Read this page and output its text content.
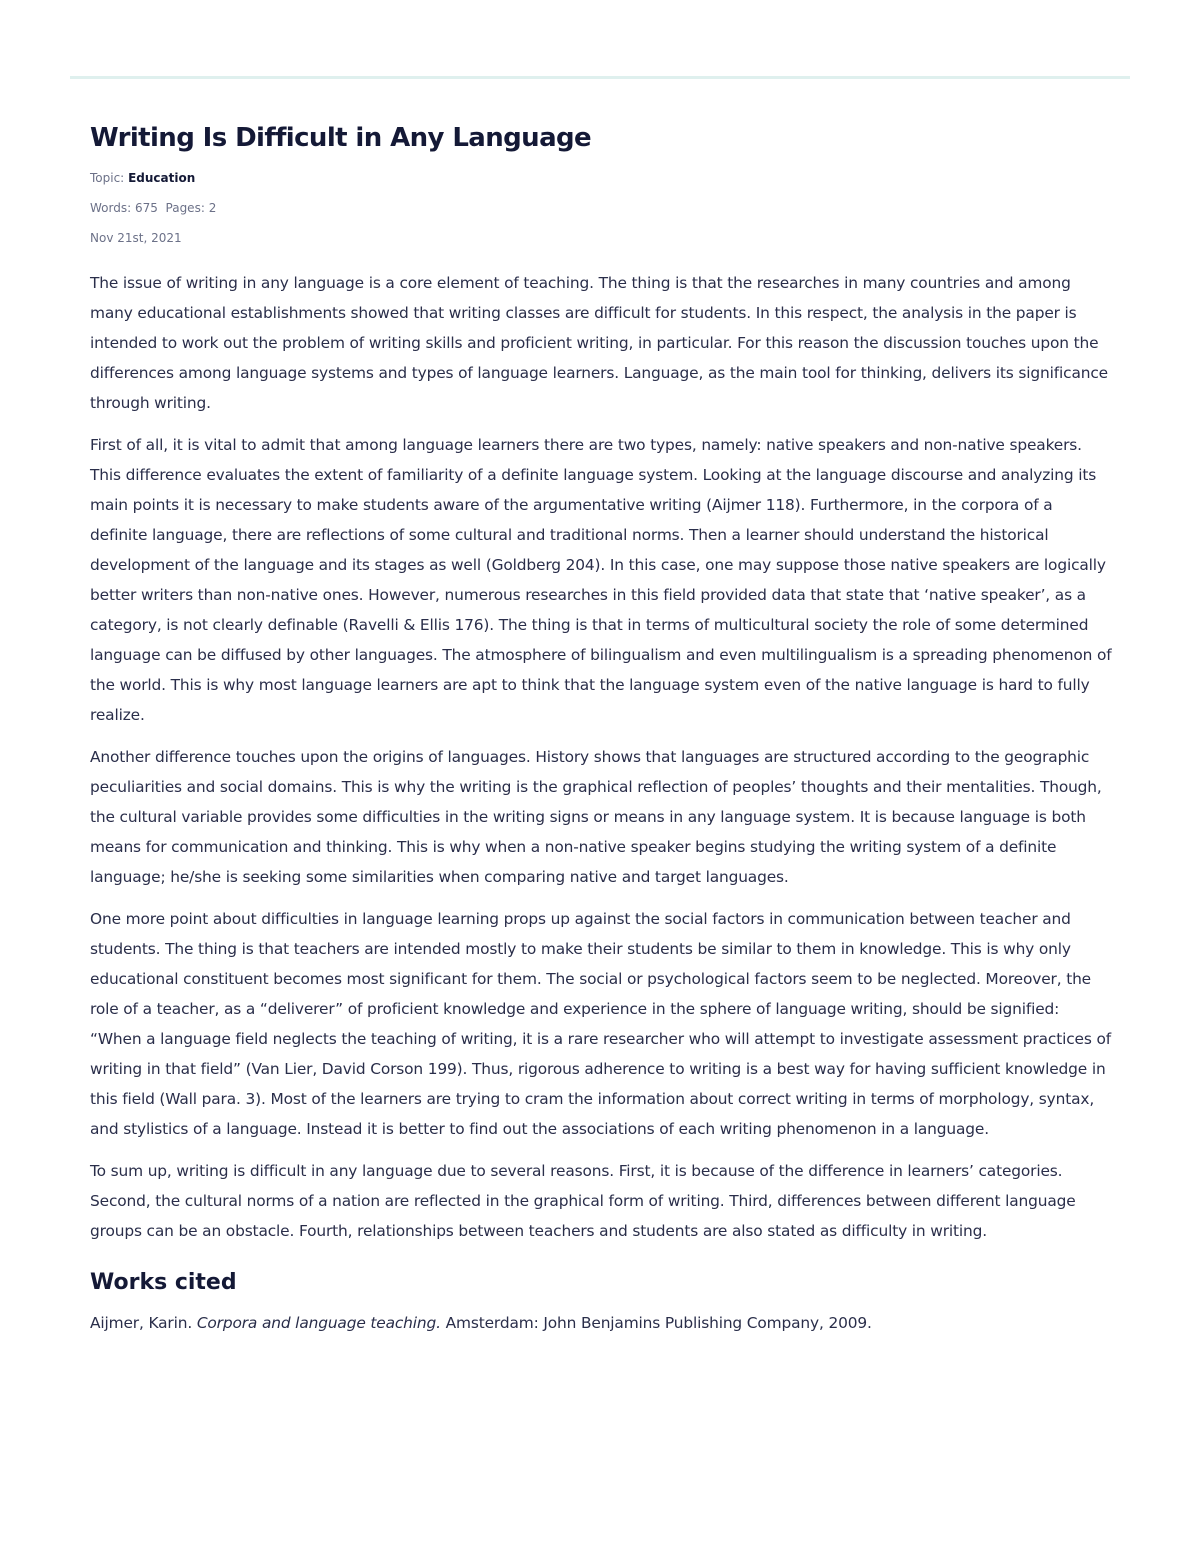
Writing Is Difficult in Any Language
Topic: Education
Words: 675 Pages: 2
Nov 21st, 2021

The issue of writing in any language is a core element of teaching. The thing is that the researches in many countries and among many educational establishments showed that writing classes are difficult for students. In this respect, the analysis in the paper is intended to work out the problem of writing skills and proficient writing, in particular. For this reason the discussion touches upon the differences among language systems and types of language learners. Language, as the main tool for thinking, delivers its significance through writing.

First of all, it is vital to admit that among language learners there are two types, namely: native speakers and non-native speakers. This difference evaluates the extent of familiarity of a definite language system. Looking at the language discourse and analyzing its main points it is necessary to make students aware of the argumentative writing (Aijmer 118). Furthermore, in the corpora of a definite language, there are reflections of some cultural and traditional norms. Then a learner should understand the historical development of the language and its stages as well (Goldberg 204). In this case, one may suppose those native speakers are logically better writers than non-native ones. However, numerous researches in this field provided data that state that ‘native speaker’, as a category, is not clearly definable (Ravelli & Ellis 176). The thing is that in terms of multicultural society the role of some determined language can be diffused by other languages. The atmosphere of bilingualism and even multilingualism is a spreading phenomenon of the world. This is why most language learners are apt to think that the language system even of the native language is hard to fully realize.

Another difference touches upon the origins of languages. History shows that languages are structured according to the geographic peculiarities and social domains. This is why the writing is the graphical reflection of peoples’ thoughts and their mentalities. Though, the cultural variable provides some difficulties in the writing signs or means in any language system. It is because language is both means for communication and thinking. This is why when a non-native speaker begins studying the writing system of a definite language; he/she is seeking some similarities when comparing native and target languages.

One more point about difficulties in language learning props up against the social factors in communication between teacher and students. The thing is that teachers are intended mostly to make their students be similar to them in knowledge. This is why only educational constituent becomes most significant for them. The social or psychological factors seem to be neglected. Moreover, the role of a teacher, as a “deliverer” of proficient knowledge and experience in the sphere of language writing, should be signified: “When a language field neglects the teaching of writing, it is a rare researcher who will attempt to investigate assessment practices of writing in that field” (Van Lier, David Corson 199). Thus, rigorous adherence to writing is a best way for having sufficient knowledge in this field (Wall para. 3). Most of the learners are trying to cram the information about correct writing in terms of morphology, syntax, and stylistics of a language. Instead it is better to find out the associations of each writing phenomenon in a language.

To sum up, writing is difficult in any language due to several reasons. First, it is because of the difference in learners’ categories. Second, the cultural norms of a nation are reflected in the graphical form of writing. Third, differences between different language groups can be an obstacle. Fourth, relationships between teachers and students are also stated as difficulty in writing.

Works cited
Aijmer, Karin. Corpora and language teaching. Amsterdam: John Benjamins Publishing Company, 2009.
